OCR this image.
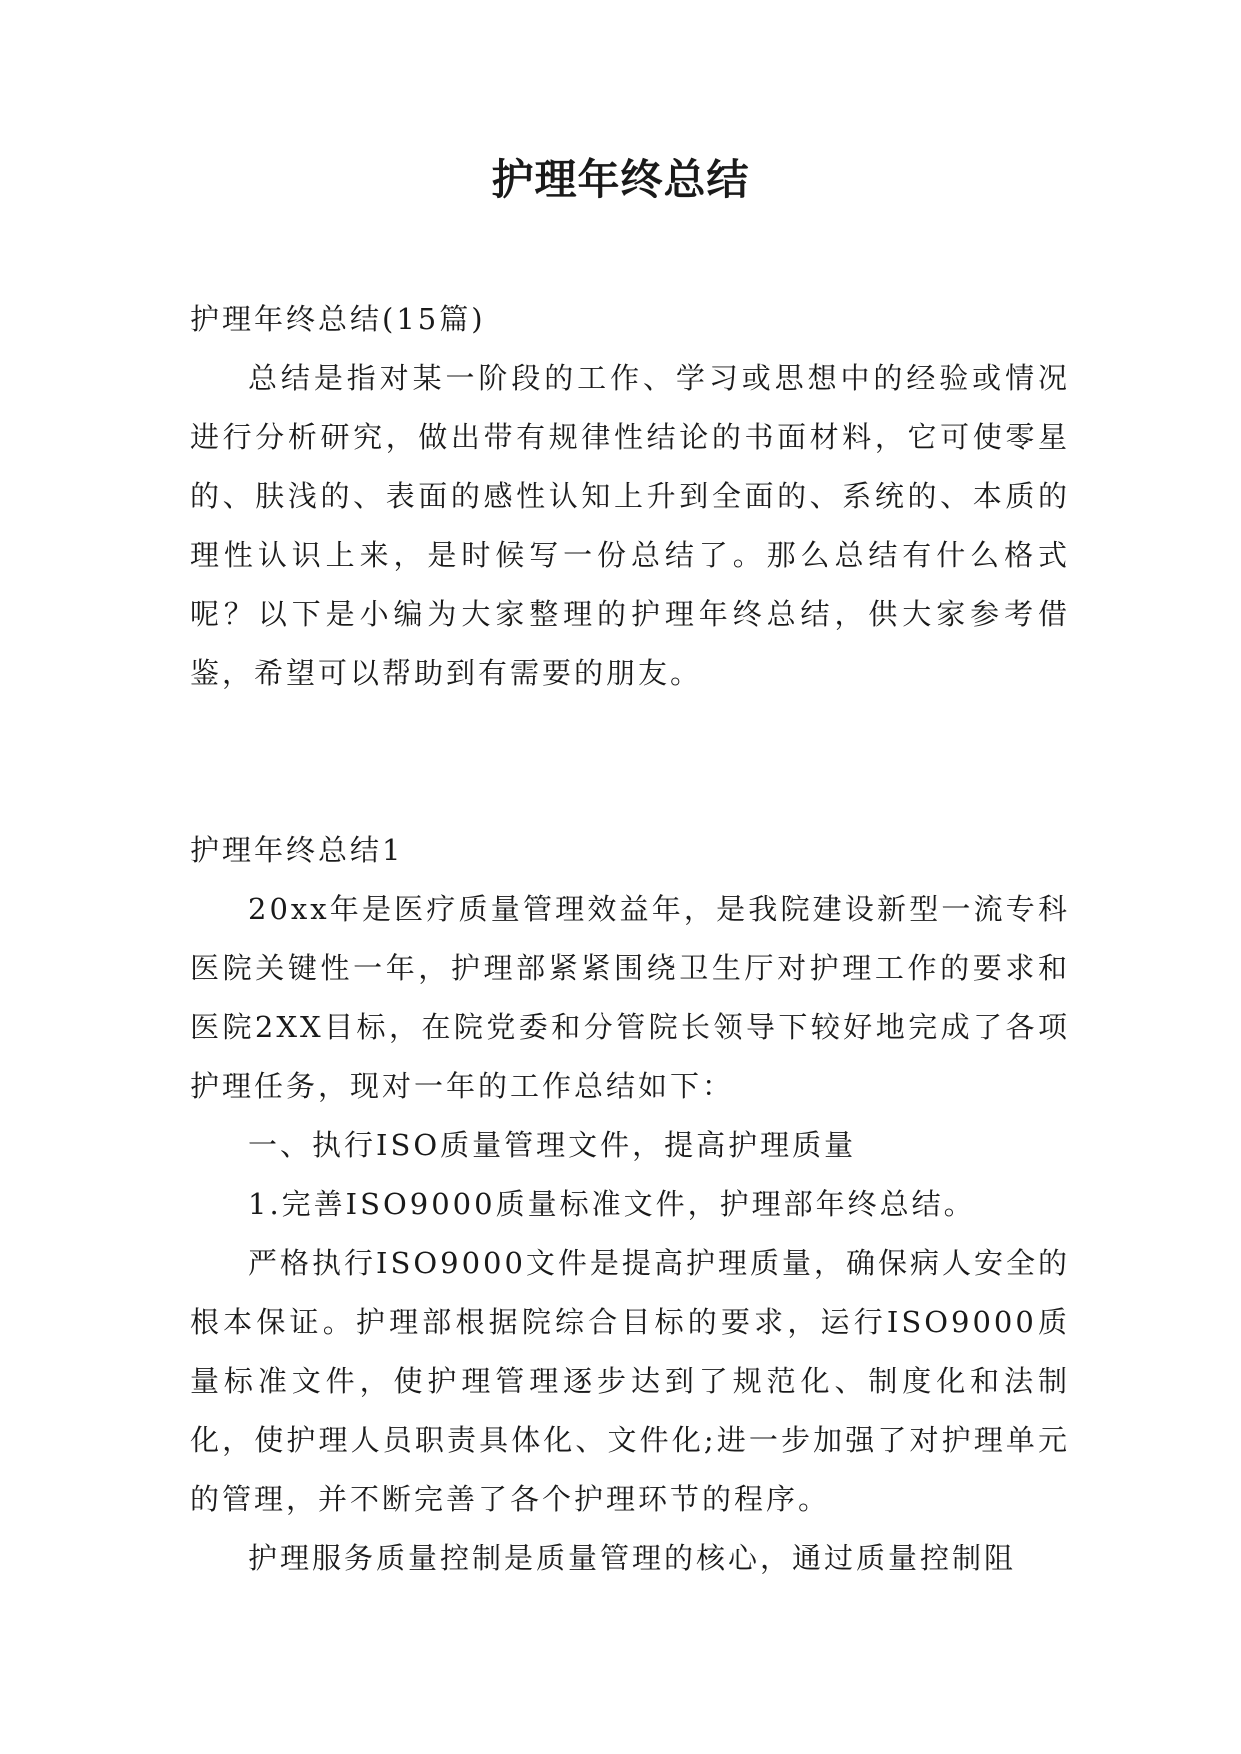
护理年终总结

护理年终总结(15篇)

总结是指对某一阶段的工作、学习或思想中的经验或情况进行分析研究，做出带有规律性结论的书面材料，它可使零星的、肤浅的、表面的感性认知上升到全面的、系统的、本质的理性认识上来，是时候写一份总结了。那么总结有什么格式呢？以下是小编为大家整理的护理年终总结，供大家参考借鉴，希望可以帮助到有需要的朋友。

护理年终总结1

20xx年是医疗质量管理效益年，是我院建设新型一流专科医院关键性一年，护理部紧紧围绕卫生厅对护理工作的要求和医院2XX目标，在院党委和分管院长领导下较好地完成了各项护理任务，现对一年的工作总结如下：

一、执行ISO质量管理文件，提高护理质量

1.完善ISO9000质量标准文件，护理部年终总结。

严格执行ISO9000文件是提高护理质量，确保病人安全的根本保证。护理部根据院综合目标的要求，运行ISO9000质量标准文件，使护理管理逐步达到了规范化、制度化和法制化，使护理人员职责具体化、文件化;进一步加强了对护理单元的管理，并不断完善了各个护理环节的程序。

护理服务质量控制是质量管理的核心，通过质量控制阻
